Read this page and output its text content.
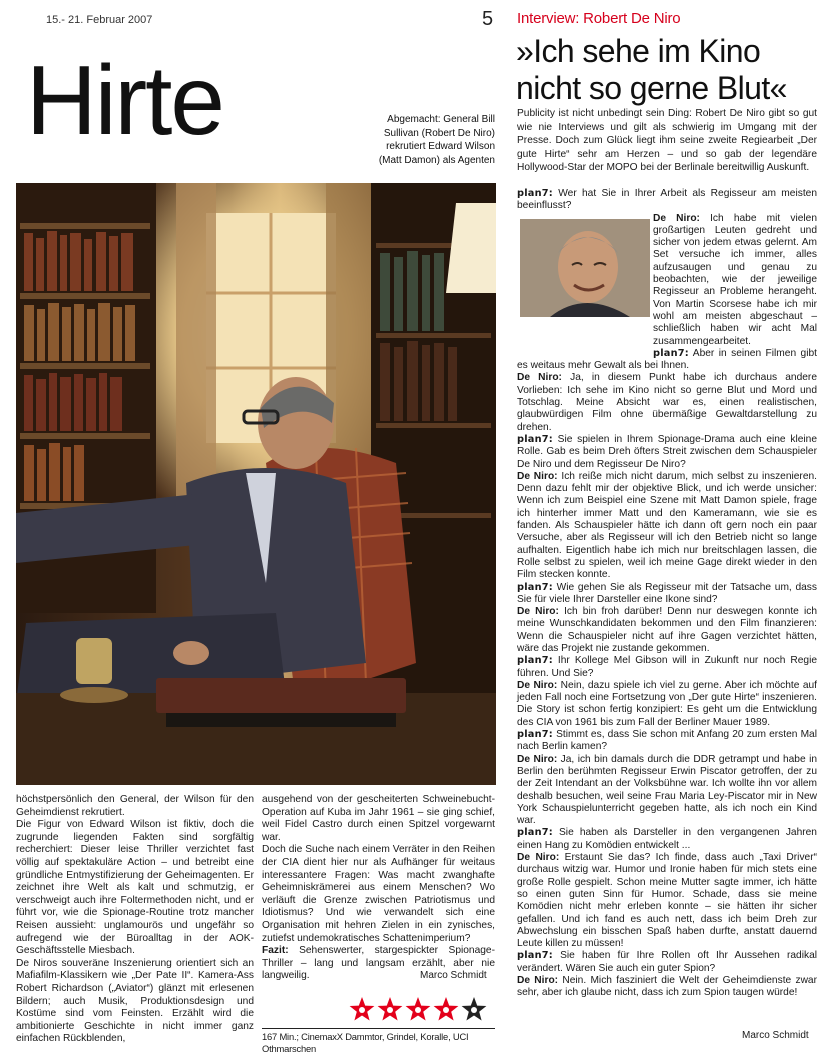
15.- 21. Februar 2007	5 Interview: Robert De Niro
»Ich sehe im Kino
nicht so gerne Blut«
Hirte	Abgemacht: General Bill Sullivan (Robert De Niro) rekrutiert Edward Wilson (Matt Damon) als Agenten

Publicity ist nicht unbedingt sein Ding: Robert De Niro gibt so gut wie nie Interviews und gilt als schwierig im Umgang mit der Presse. Doch zum Glück liegt ihm seine zweite Regiearbeit „Der gute Hirte“ sehr am Herzen – und so gab der legendäre Hollywood-Star der MOPO bei der Berlinale bereitwillig Auskunft.

plan7: Wer hat Sie in Ihrer Arbeit als Regisseur am meisten beeinflusst?

De Niro: Ich habe mit vielen großartigen Leuten gedreht und sicher von jedem etwas gelernt. Am Set versuche ich immer, alles aufzusaugen und genau zu beobachten, wie der jeweilige Regisseur an Probleme herangeht. Von Martin Scorsese habe ich mir wohl am meisten abgeschaut – schließlich haben wir acht Mal zusammengearbeitet.

plan7: Aber in seinen Filmen gibt es weitaus mehr Gewalt als bei Ihnen.

De Niro: Ja, in diesem Punkt habe ich durchaus andere Vorlieben: Ich sehe im Kino nicht so gerne Blut und Mord und Totschlag. Meine Absicht war es, einen realistischen, glaubwürdigen Film ohne übermäßige Gewaltdarstellung zu drehen.

plan7: Sie spielen in Ihrem Spionage-Drama auch eine kleine Rolle. Gab es beim Dreh öfters Streit zwischen dem Schauspieler De Niro und dem Regisseur De Niro?

De Niro: Ich reiße mich nicht darum, mich selbst zu inszenieren. Denn dazu fehlt mir der objektive Blick, und ich werde unsicher: Wenn ich zum Beispiel eine Szene mit Matt Damon spiele, frage ich hinterher immer Matt und den Kameramann, wie sie es fanden. Als Schauspieler hätte ich dann oft gern noch ein paar Versuche, aber als Regisseur will ich den Betrieb nicht so lange aufhalten. Eigentlich habe ich mich nur breitschlagen lassen, die Rolle selbst zu spielen, weil ich meine Gage direkt wieder in den Film stecken konnte.

plan7: Wie gehen Sie als Regisseur mit der Tatsache um, dass Sie für viele Ihrer Darsteller eine Ikone sind?

De Niro: Ich bin froh darüber! Denn nur deswegen konnte ich meine Wunschkandidaten bekommen und den Film finanzieren: Wenn die Schauspieler nicht auf ihre Gagen verzichtet hätten, wäre das Projekt nie zustande gekommen.

plan7: Ihr Kollege Mel Gibson will in Zukunft nur noch Regie führen. Und Sie?

De Niro: Nein, dazu spiele ich viel zu gerne. Aber ich möchte auf jeden Fall noch eine Fortsetzung von „Der gute Hirte“ inszenieren. Die Story ist schon fertig konzipiert: Es geht um die Entwicklung des CIA von 1961 bis zum Fall der Berliner Mauer 1989.

plan7: Stimmt es, dass Sie schon mit Anfang 20 zum ersten Mal nach Berlin kamen?

De Niro: Ja, ich bin damals durch die DDR getrampt und habe in Berlin den berühmten Regisseur Erwin Piscator getroffen, der zu der Zeit Intendant an der Volksbühne war. Ich wollte ihn vor allem deshalb besuchen, weil seine Frau Maria Ley-Piscator mir in New York Schauspielunterricht gegeben hatte, als ich noch ein Kind war.

plan7: Sie haben als Darsteller in den vergangenen Jahren einen Hang zu Komödien entwickelt ...

De Niro: Erstaunt Sie das? Ich finde, dass auch „Taxi Driver“ durchaus witzig war. Humor und Ironie haben für mich stets eine große Rolle gespielt. Schon meine Mutter sagte immer, ich hätte so einen guten Sinn für Humor. Schade, dass sie meine Komödien nicht mehr erleben konnte – sie hätten ihr sicher gefallen. Und ich fand es auch nett, dass ich beim Dreh zur Abwechslung ein bisschen Spaß haben durfte, anstatt dauernd Leute killen zu müssen!

plan7: Sie haben für Ihre Rollen oft Ihr Aussehen radikal verändert. Wären Sie auch ein guter Spion?

De Niro: Nein. Mich fasziniert die Welt der Geheimdienste zwar sehr, aber ich glaube nicht, dass ich zum Spion taugen würde!

höchstpersönlich den General, der Wilson für den Geheimdienst rekrutiert.

Die Figur von Edward Wilson ist fiktiv, doch die zugrunde liegenden Fakten sind sorgfältig recherchiert: Dieser leise Thriller verzichtet fast völlig auf spektakuläre Action – und betreibt eine gründliche Entmystifizierung der Geheimagenten. Er zeichnet ihre Welt als kalt und schmutzig, er verschweigt auch ihre Foltermethoden nicht, und er führt vor, wie die Spionage-Routine trotz mancher Reisen aussieht: unglamourös und ungefähr so aufregend wie der Büroalltag in der AOK-Geschäftsstelle Miesbach.

De Niros souveräne Inszenierung orientiert sich an Mafiafilm-Klassikern wie „Der Pate II“. Kamera-Ass Robert Richardson („Aviator“) glänzt mit erlesenen Bildern; auch Musik, Produktionsdesign und Kostüme sind vom Feinsten. Erzählt wird die ambitionierte Geschichte in nicht immer ganz einfachen Rückblenden,

ausgehend von der gescheiterten Schweinebucht-Operation auf Kuba im Jahr 1961 – sie ging schief, weil Fidel Castro durch einen Spitzel vorgewarnt war.

Doch die Suche nach einem Verräter in den Reihen der CIA dient hier nur als Aufhänger für weitaus interessantere Fragen: Was macht zwanghafte Geheimniskrämerei aus einem Menschen? Wo verläuft die Grenze zwischen Patriotismus und Idiotismus? Und wie verwandelt sich eine Organisation mit hehren Zielen in ein zynisches, zutiefst undemokratisches Schattenimperium?

Fazit: Sehenswerter, stargespickter Spionage-Thriller – lang und langsam erzählt, aber nie langweilig.	Marco Schmidt
167 Min.; CinemaxX Dammtor, Grindel, Koralle, UCI Othmarschen
Marco Schmidt
